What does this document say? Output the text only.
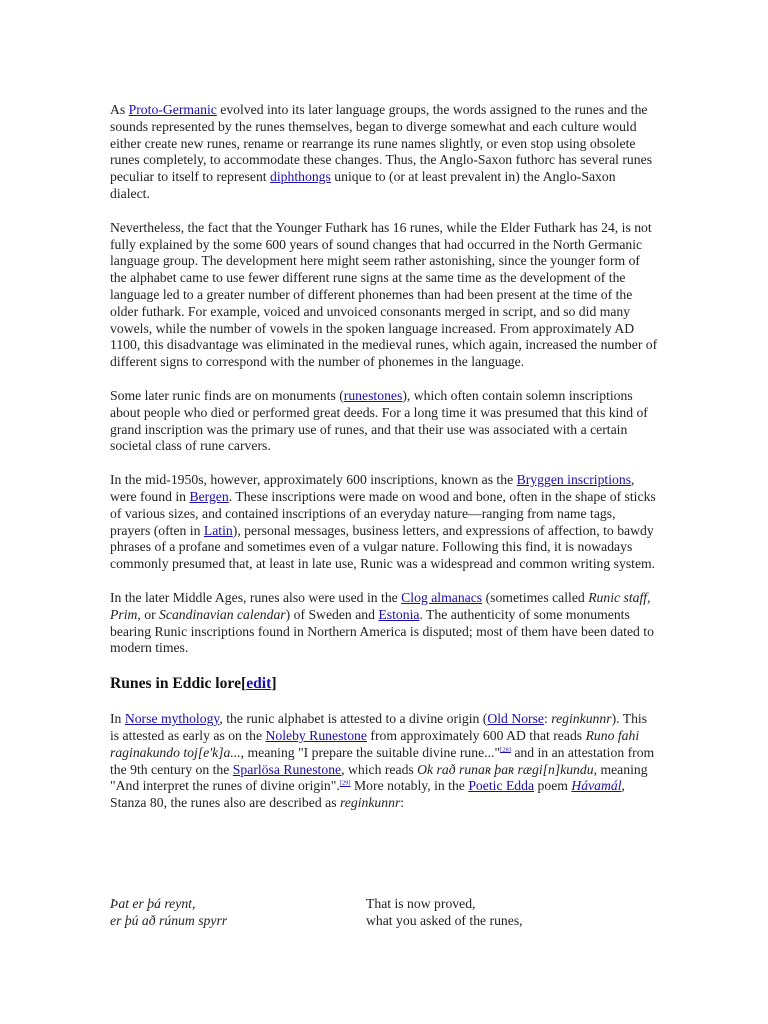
As Proto-Germanic evolved into its later language groups, the words assigned to the runes and the sounds represented by the runes themselves, began to diverge somewhat and each culture would either create new runes, rename or rearrange its rune names slightly, or even stop using obsolete runes completely, to accommodate these changes. Thus, the Anglo-Saxon futhorc has several runes peculiar to itself to represent diphthongs unique to (or at least prevalent in) the Anglo-Saxon dialect.

Nevertheless, the fact that the Younger Futhark has 16 runes, while the Elder Futhark has 24, is not fully explained by the some 600 years of sound changes that had occurred in the North Germanic language group. The development here might seem rather astonishing, since the younger form of the alphabet came to use fewer different rune signs at the same time as the development of the language led to a greater number of different phonemes than had been present at the time of the older futhark. For example, voiced and unvoiced consonants merged in script, and so did many vowels, while the number of vowels in the spoken language increased. From approximately AD 1100, this disadvantage was eliminated in the medieval runes, which again, increased the number of different signs to correspond with the number of phonemes in the language.

Some later runic finds are on monuments (runestones), which often contain solemn inscriptions about people who died or performed great deeds. For a long time it was presumed that this kind of grand inscription was the primary use of runes, and that their use was associated with a certain societal class of rune carvers.

In the mid-1950s, however, approximately 600 inscriptions, known as the Bryggen inscriptions, were found in Bergen. These inscriptions were made on wood and bone, often in the shape of sticks of various sizes, and contained inscriptions of an everyday nature—ranging from name tags, prayers (often in Latin), personal messages, business letters, and expressions of affection, to bawdy phrases of a profane and sometimes even of a vulgar nature. Following this find, it is nowadays commonly presumed that, at least in late use, Runic was a widespread and common writing system.

In the later Middle Ages, runes also were used in the Clog almanacs (sometimes called Runic staff, Prim, or Scandinavian calendar) of Sweden and Estonia. The authenticity of some monuments bearing Runic inscriptions found in Northern America is disputed; most of them have been dated to modern times.

Runes in Eddic lore[edit]

In Norse mythology, the runic alphabet is attested to a divine origin (Old Norse: reginkunnr). This is attested as early as on the Noleby Runestone from approximately 600 AD that reads Runo fahi raginakundo toj[e'k]a..., meaning "I prepare the suitable divine rune..."[28] and in an attestation from the 9th century on the Sparlösa Runestone, which reads Ok rað runaʀ þaʀ rægi[n]kundu, meaning "And interpret the runes of divine origin".[29] More notably, in the Poetic Edda poem Hávamál, Stanza 80, the runes also are described as reginkunnr:

Þat er þá reynt,	That is now proved,
er þú að rúnum spyrr	what you asked of the runes,
